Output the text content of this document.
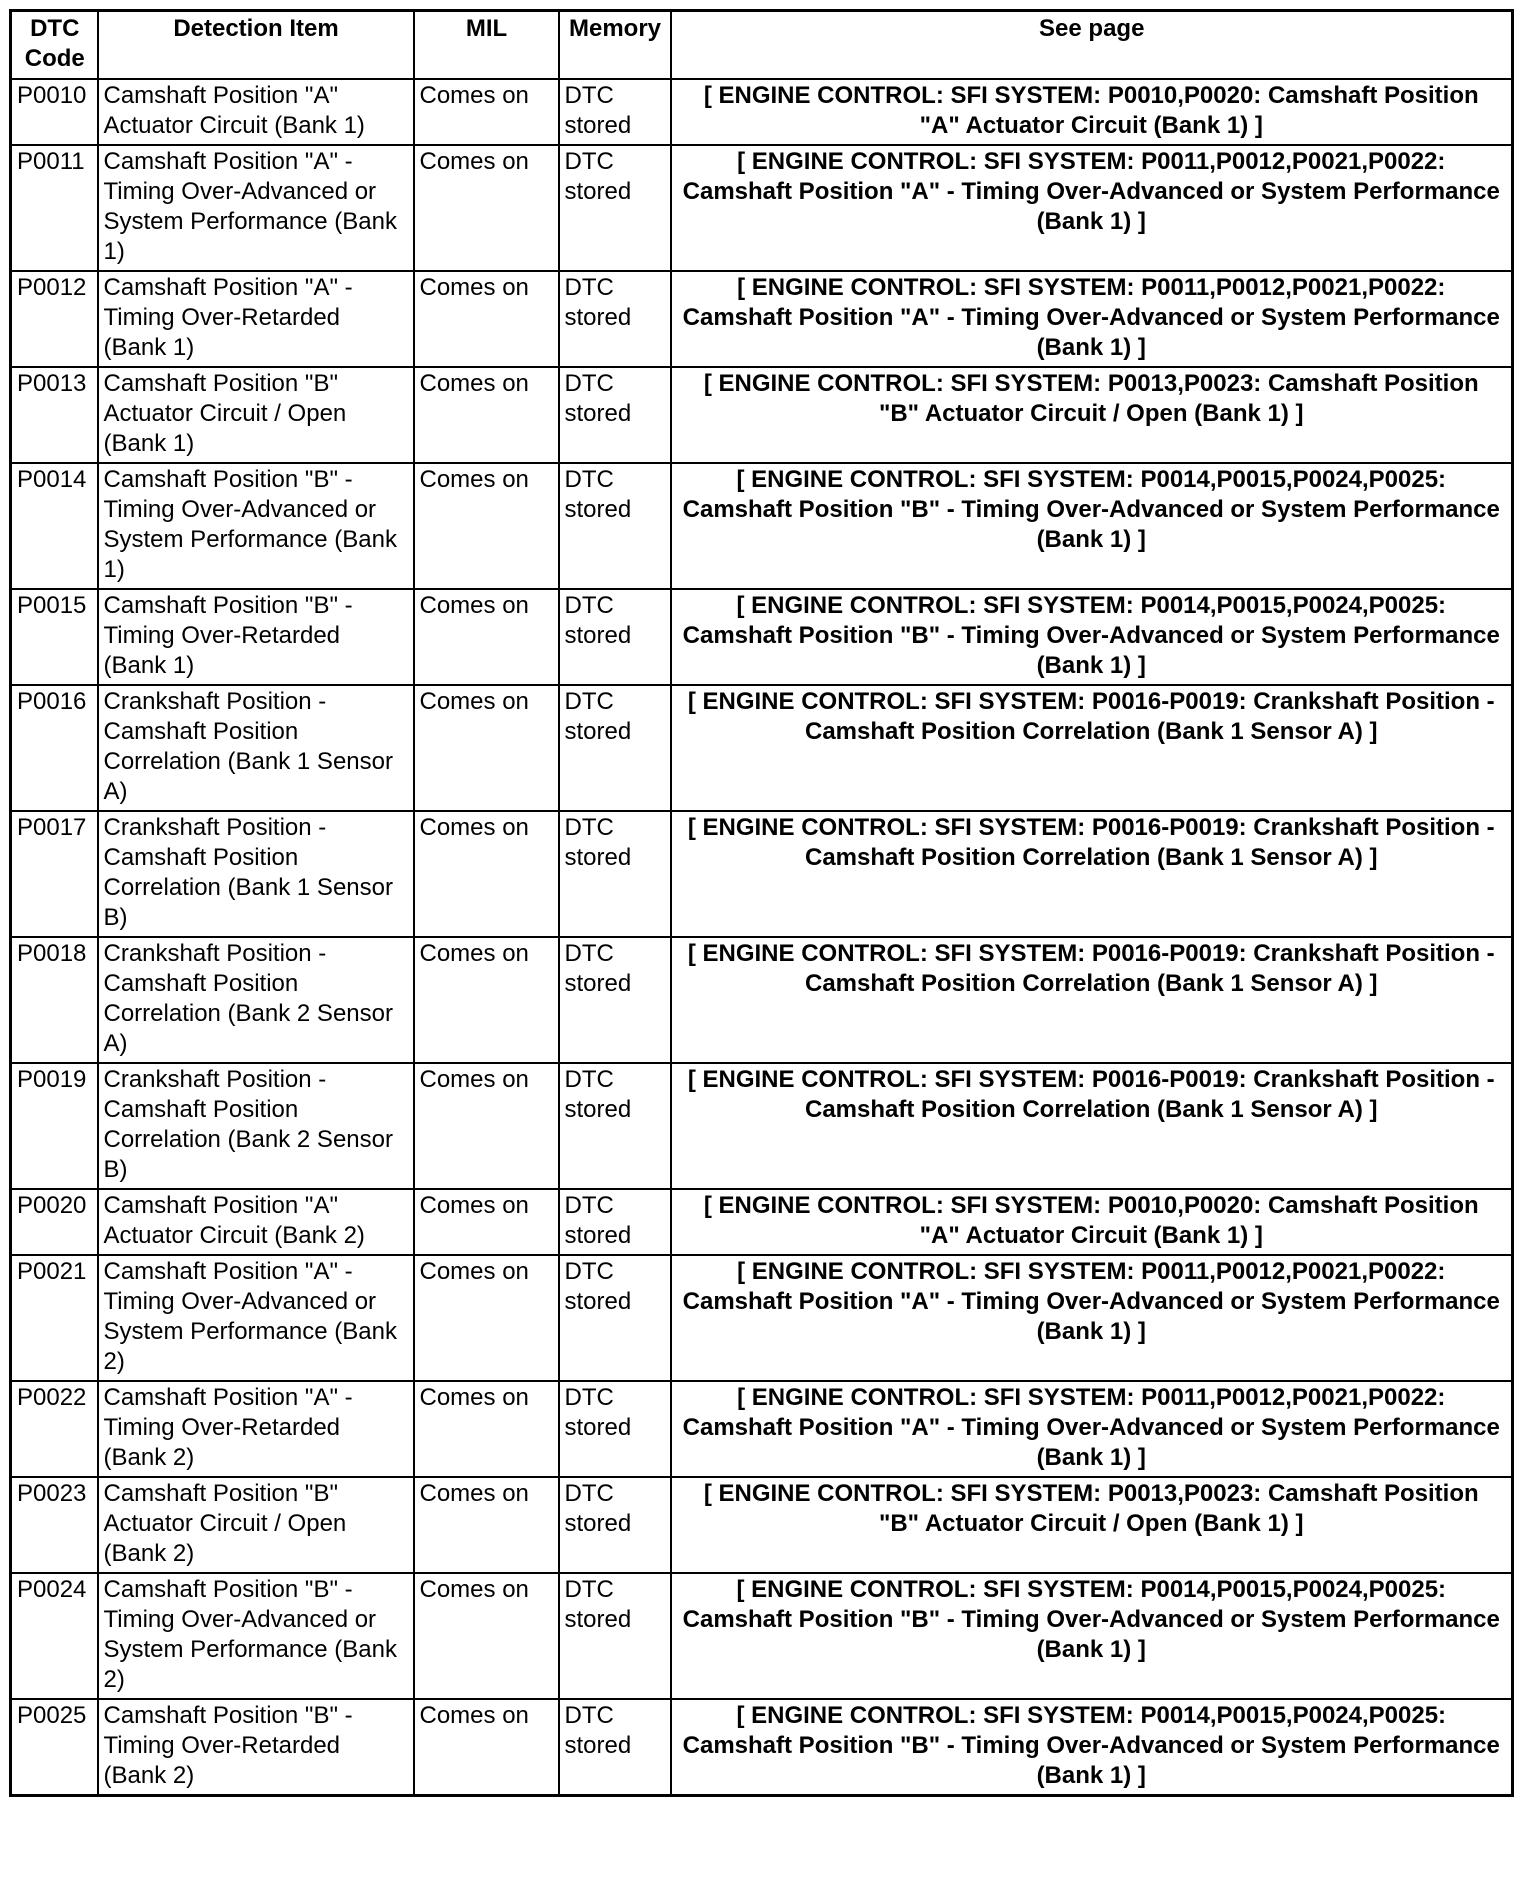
DTC Code	Detection Item	MIL	Memory	See page
P0010	Camshaft Position "A" Actuator Circuit (Bank 1)	Comes on	DTC stored	[ ENGINE CONTROL: SFI SYSTEM: P0010,P0020: Camshaft Position "A" Actuator Circuit (Bank 1) ]
P0011	Camshaft Position "A" - Timing Over-Advanced or System Performance (Bank 1)	Comes on	DTC stored	[ ENGINE CONTROL: SFI SYSTEM: P0011,P0012,P0021,P0022: Camshaft Position "A" - Timing Over-Advanced or System Performance (Bank 1) ]
P0012	Camshaft Position "A" - Timing Over-Retarded (Bank 1)	Comes on	DTC stored	[ ENGINE CONTROL: SFI SYSTEM: P0011,P0012,P0021,P0022: Camshaft Position "A" - Timing Over-Advanced or System Performance (Bank 1) ]
P0013	Camshaft Position "B" Actuator Circuit / Open (Bank 1)	Comes on	DTC stored	[ ENGINE CONTROL: SFI SYSTEM: P0013,P0023: Camshaft Position "B" Actuator Circuit / Open (Bank 1) ]
P0014	Camshaft Position "B" - Timing Over-Advanced or System Performance (Bank 1)	Comes on	DTC stored	[ ENGINE CONTROL: SFI SYSTEM: P0014,P0015,P0024,P0025: Camshaft Position "B" - Timing Over-Advanced or System Performance (Bank 1) ]
P0015	Camshaft Position "B" - Timing Over-Retarded (Bank 1)	Comes on	DTC stored	[ ENGINE CONTROL: SFI SYSTEM: P0014,P0015,P0024,P0025: Camshaft Position "B" - Timing Over-Advanced or System Performance (Bank 1) ]
P0016	Crankshaft Position - Camshaft Position Correlation (Bank 1 Sensor A)	Comes on	DTC stored	[ ENGINE CONTROL: SFI SYSTEM: P0016-P0019: Crankshaft Position - Camshaft Position Correlation (Bank 1 Sensor A) ]
P0017	Crankshaft Position - Camshaft Position Correlation (Bank 1 Sensor B)	Comes on	DTC stored	[ ENGINE CONTROL: SFI SYSTEM: P0016-P0019: Crankshaft Position - Camshaft Position Correlation (Bank 1 Sensor A) ]
P0018	Crankshaft Position - Camshaft Position Correlation (Bank 2 Sensor A)	Comes on	DTC stored	[ ENGINE CONTROL: SFI SYSTEM: P0016-P0019: Crankshaft Position - Camshaft Position Correlation (Bank 1 Sensor A) ]
P0019	Crankshaft Position - Camshaft Position Correlation (Bank 2 Sensor B)	Comes on	DTC stored	[ ENGINE CONTROL: SFI SYSTEM: P0016-P0019: Crankshaft Position - Camshaft Position Correlation (Bank 1 Sensor A) ]
P0020	Camshaft Position "A" Actuator Circuit (Bank 2)	Comes on	DTC stored	[ ENGINE CONTROL: SFI SYSTEM: P0010,P0020: Camshaft Position "A" Actuator Circuit (Bank 1) ]
P0021	Camshaft Position "A" - Timing Over-Advanced or System Performance (Bank 2)	Comes on	DTC stored	[ ENGINE CONTROL: SFI SYSTEM: P0011,P0012,P0021,P0022: Camshaft Position "A" - Timing Over-Advanced or System Performance (Bank 1) ]
P0022	Camshaft Position "A" - Timing Over-Retarded (Bank 2)	Comes on	DTC stored	[ ENGINE CONTROL: SFI SYSTEM: P0011,P0012,P0021,P0022: Camshaft Position "A" - Timing Over-Advanced or System Performance (Bank 1) ]
P0023	Camshaft Position "B" Actuator Circuit / Open (Bank 2)	Comes on	DTC stored	[ ENGINE CONTROL: SFI SYSTEM: P0013,P0023: Camshaft Position "B" Actuator Circuit / Open (Bank 1) ]
P0024	Camshaft Position "B" - Timing Over-Advanced or System Performance (Bank 2)	Comes on	DTC stored	[ ENGINE CONTROL: SFI SYSTEM: P0014,P0015,P0024,P0025: Camshaft Position "B" - Timing Over-Advanced or System Performance (Bank 1) ]
P0025	Camshaft Position "B" - Timing Over-Retarded (Bank 2)	Comes on	DTC stored	[ ENGINE CONTROL: SFI SYSTEM: P0014,P0015,P0024,P0025: Camshaft Position "B" - Timing Over-Advanced or System Performance (Bank 1) ]
